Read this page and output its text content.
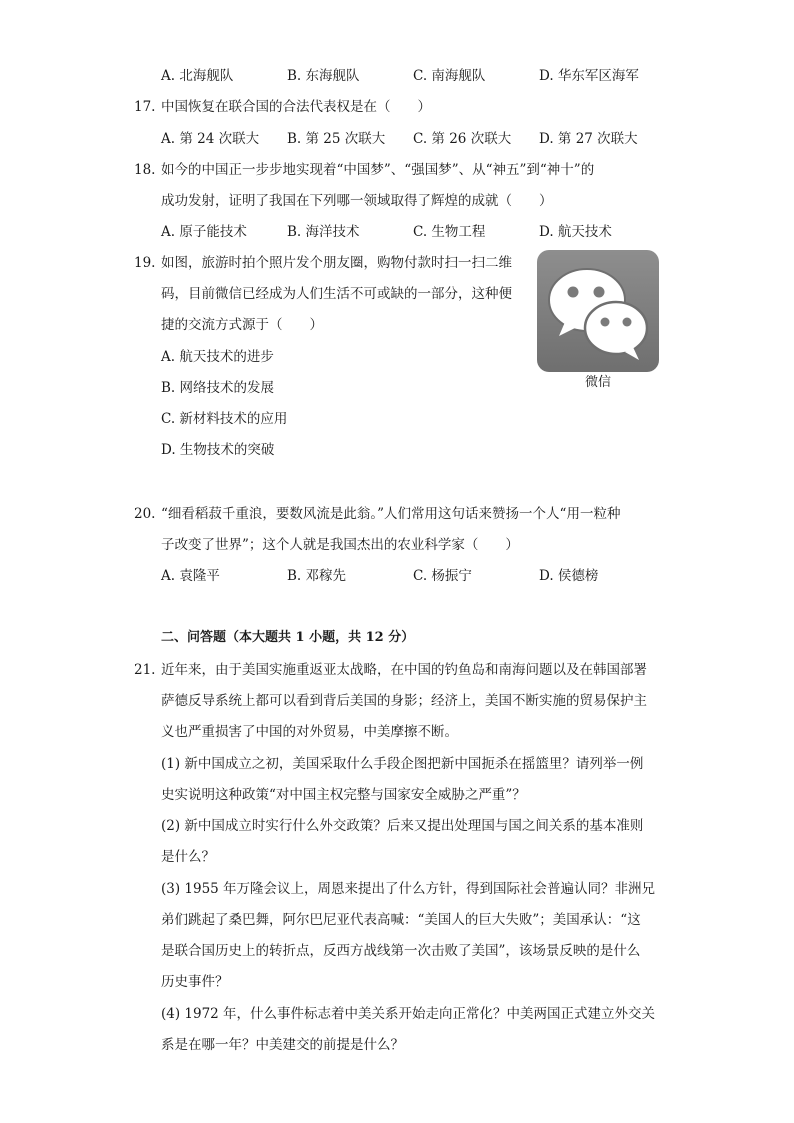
A. 北海舰队	B. 东海舰队	C. 南海舰队	D. 华东军区海军
17. 中国恢复在联合国的合法代表权是在（　　）
A. 第 24 次联大 B. 第 25 次联大 C. 第 26 次联大 D. 第 27 次联大
18. 如今的中国正一步步地实现着“中国梦”、“强国梦”、从“神五”到“神十”的
成功发射，证明了我国在下列哪一领域取得了辉煌的成就（　　）
A. 原子能技术	B. 海洋技术	C. 生物工程	D. 航天技术
19. 如图，旅游时拍个照片发个朋友圈，购物付款时扫一扫二维
码，目前微信已经成为人们生活不可或缺的一部分，这种便
捷的交流方式源于（　　）
A. 航天技术的进步
B. 网络技术的发展
C. 新材料技术的应用
D. 生物技术的突破
微信
20. “细看稻菽千重浪，要数风流是此翁。”人们常用这句话来赞扬一个人“用一粒种
子改变了世界”；这个人就是我国杰出的农业科学家（　　）
A. 袁隆平	B. 邓稼先	C. 杨振宁	D. 侯德榜
二、问答题（本大题共 1 小题，共 12 分）
21. 近年来，由于美国实施重返亚太战略，在中国的钓鱼岛和南海问题以及在韩国部署
萨德反导系统上都可以看到背后美国的身影；经济上，美国不断实施的贸易保护主
义也严重损害了中国的对外贸易，中美摩擦不断。
(1) 新中国成立之初，美国采取什么手段企图把新中国扼杀在摇篮里？请列举一例
史实说明这种政策“对中国主权完整与国家安全威胁之严重”？
(2) 新中国成立时实行什么外交政策？后来又提出处理国与国之间关系的基本准则
是什么？
(3) 1955 年万隆会议上，周恩来提出了什么方针，得到国际社会普遍认同？非洲兄
弟们跳起了桑巴舞，阿尔巴尼亚代表高喊：“美国人的巨大失败”；美国承认：“这
是联合国历史上的转折点，反西方战线第一次击败了美国”，该场景反映的是什么
历史事件？
(4) 1972 年，什么事件标志着中美关系开始走向正常化？中美两国正式建立外交关
系是在哪一年？中美建交的前提是什么？
